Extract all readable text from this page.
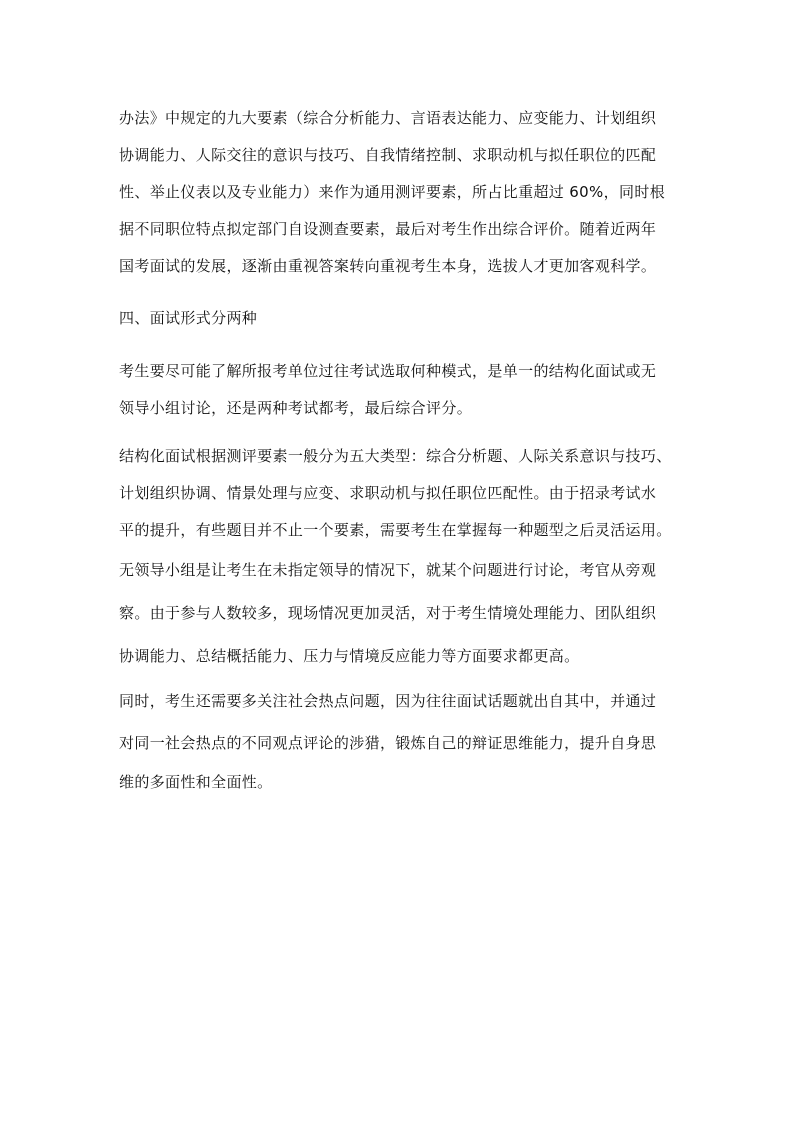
办法》中规定的九大要素（综合分析能力、言语表达能力、应变能力、计划组织
协调能力、人际交往的意识与技巧、自我情绪控制、求职动机与拟任职位的匹配
性、举止仪表以及专业能力）来作为通用测评要素，所占比重超过 60%，同时根
据不同职位特点拟定部门自设测查要素，最后对考生作出综合评价。随着近两年
国考面试的发展，逐渐由重视答案转向重视考生本身，选拔人才更加客观科学。
四、面试形式分两种
考生要尽可能了解所报考单位过往考试选取何种模式，是单一的结构化面试或无
领导小组讨论，还是两种考试都考，最后综合评分。
结构化面试根据测评要素一般分为五大类型：综合分析题、人际关系意识与技巧、
计划组织协调、情景处理与应变、求职动机与拟任职位匹配性。由于招录考试水
平的提升，有些题目并不止一个要素，需要考生在掌握每一种题型之后灵活运用。
无领导小组是让考生在未指定领导的情况下，就某个问题进行讨论，考官从旁观
察。由于参与人数较多，现场情况更加灵活，对于考生情境处理能力、团队组织
协调能力、总结概括能力、压力与情境反应能力等方面要求都更高。
同时，考生还需要多关注社会热点问题，因为往往面试话题就出自其中，并通过
对同一社会热点的不同观点评论的涉猎，锻炼自己的辩证思维能力，提升自身思
维的多面性和全面性。
